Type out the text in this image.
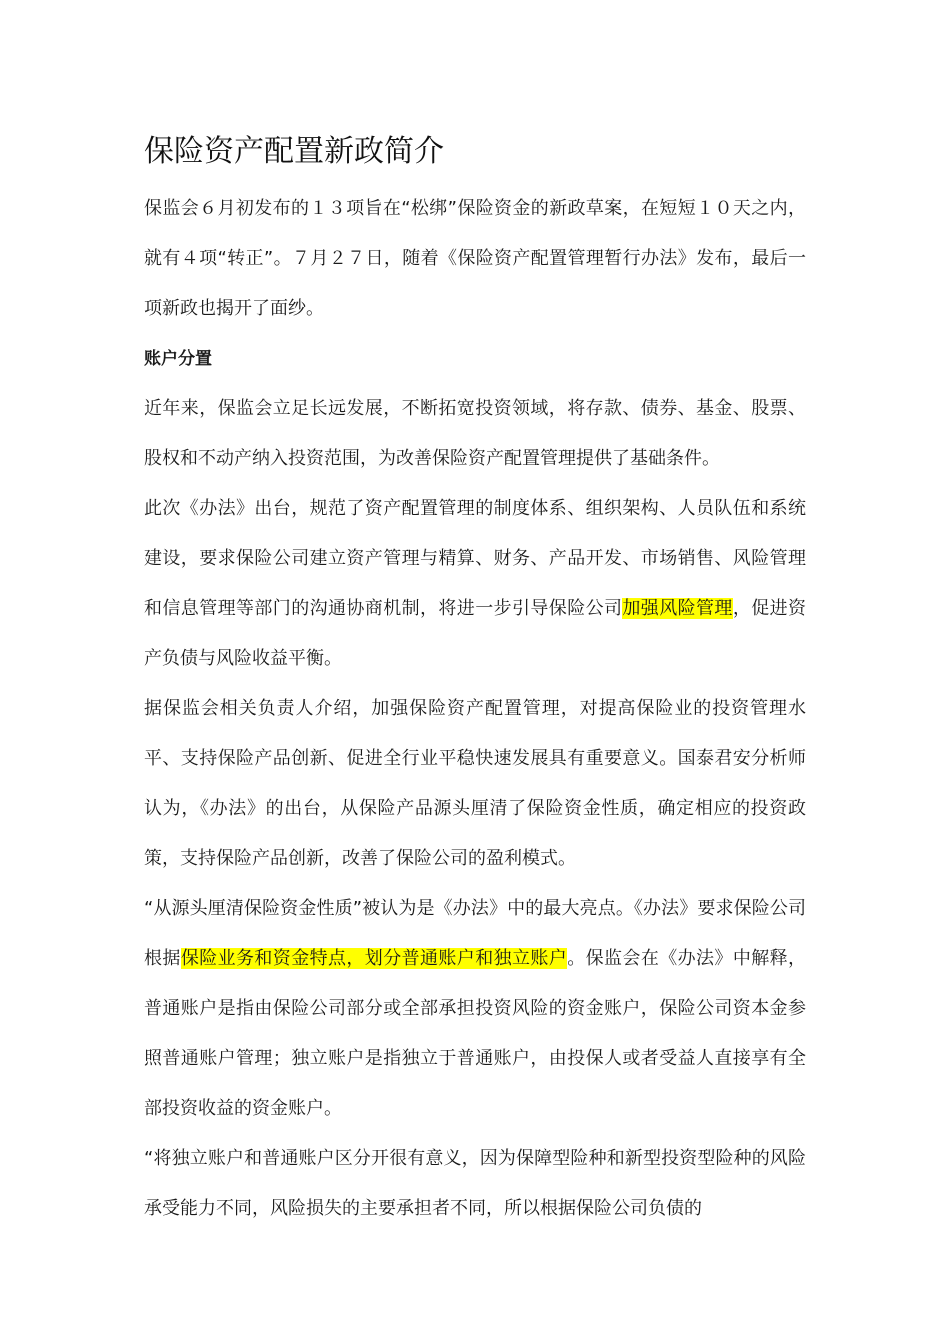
保险资产配置新政简介

保监会６月初发布的１３项旨在“松绑”保险资金的新政草案，在短短１０天之内，就有４项“转正”。７月２７日，随着《保险资产配置管理暂行办法》发布，最后一项新政也揭开了面纱。

账户分置

近年来，保监会立足长远发展，不断拓宽投资领域，将存款、债券、基金、股票、股权和不动产纳入投资范围，为改善保险资产配置管理提供了基础条件。

此次《办法》出台，规范了资产配置管理的制度体系、组织架构、人员队伍和系统建设，要求保险公司建立资产管理与精算、财务、产品开发、市场销售、风险管理和信息管理等部门的沟通协商机制，将进一步引导保险公司加强风险管理，促进资产负债与风险收益平衡。

据保监会相关负责人介绍，加强保险资产配置管理，对提高保险业的投资管理水平、支持保险产品创新、促进全行业平稳快速发展具有重要意义。国泰君安分析师认为，《办法》的出台，从保险产品源头厘清了保险资金性质，确定相应的投资政策，支持保险产品创新，改善了保险公司的盈利模式。

“从源头厘清保险资金性质”被认为是《办法》中的最大亮点。《办法》要求保险公司根据保险业务和资金特点，划分普通账户和独立账户。保监会在《办法》中解释，普通账户是指由保险公司部分或全部承担投资风险的资金账户，保险公司资本金参照普通账户管理；独立账户是指独立于普通账户，由投保人或者受益人直接享有全部投资收益的资金账户。

“将独立账户和普通账户区分开很有意义，因为保障型险种和新型投资型险种的风险承受能力不同，风险损失的主要承担者不同，所以根据保险公司负债的
